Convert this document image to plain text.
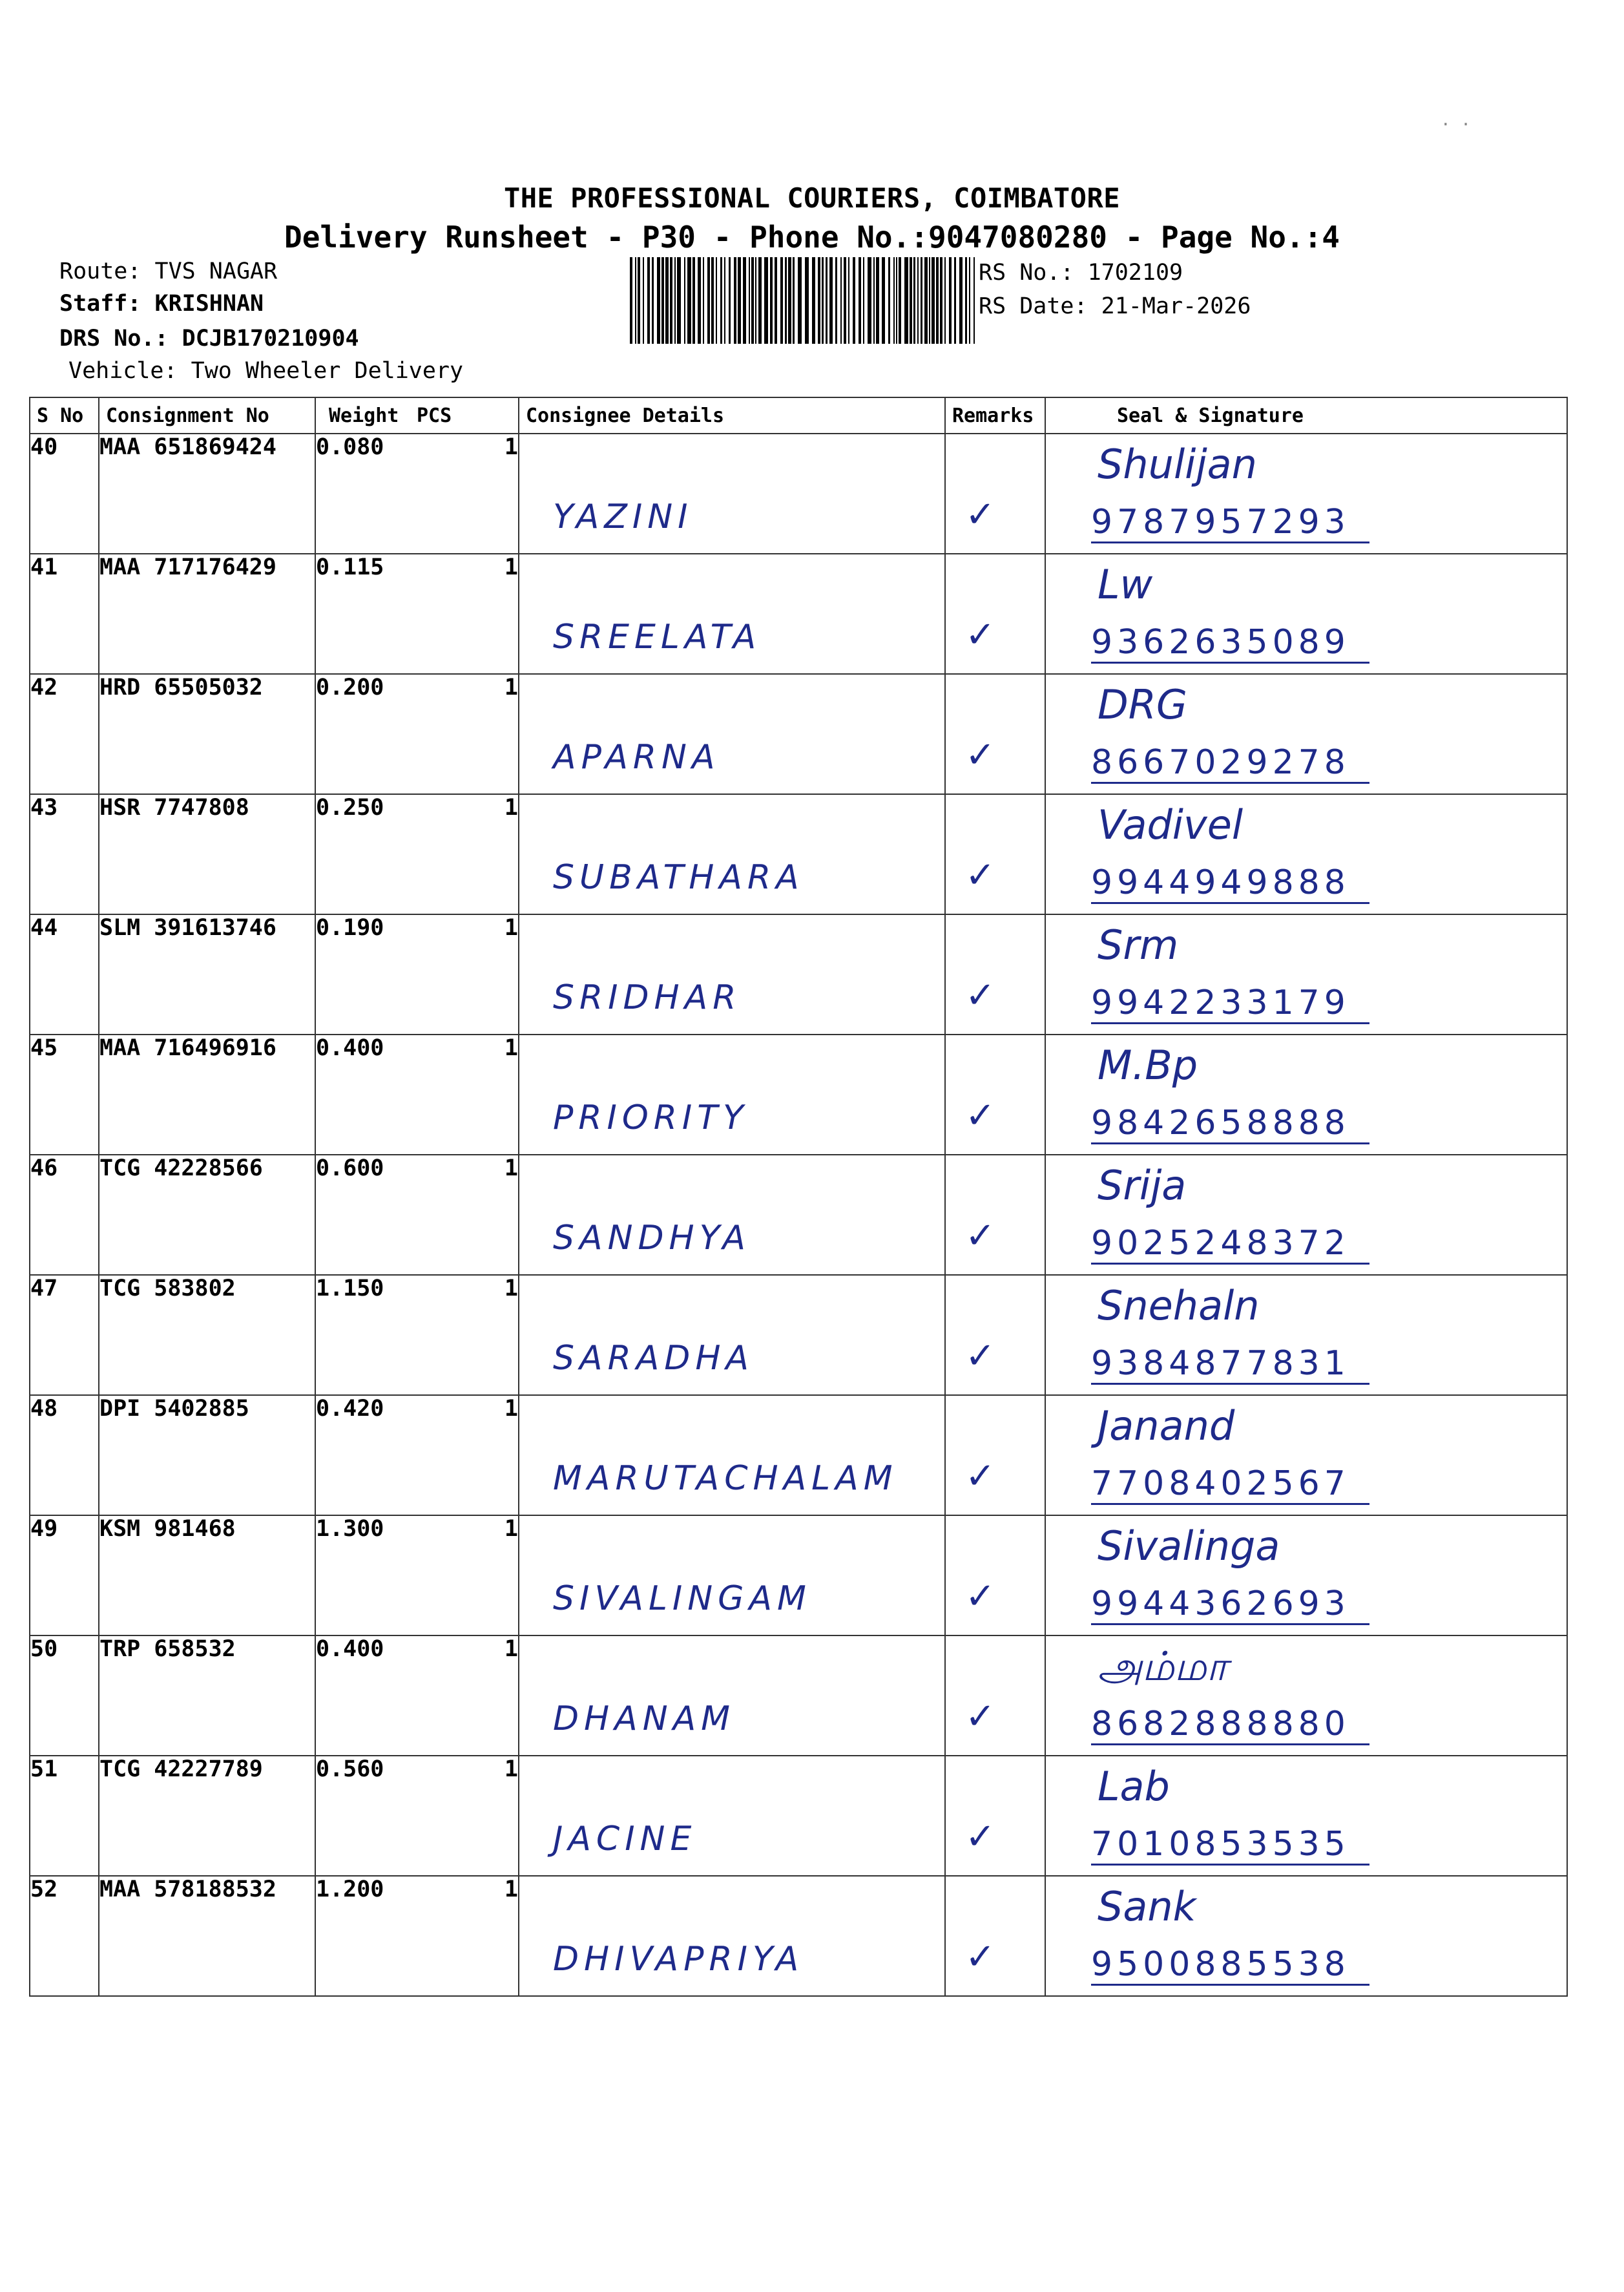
THE PROFESSIONAL COURIERS, COIMBATORE
Delivery Runsheet - P30 - Phone No.:9047080280 - Page No.:4
Route: TVS NAGAR
Staff: KRISHNAN
DRS No.: DCJB170210904
Vehicle: Two Wheeler Delivery
RS No.: 1702109
RS Date: 21-Mar-2026
S No	Consignment No	Weight	PCS	Consignee Details	Remarks	Seal & Signature
40	MAA 651869424	0.080	1	YAZINI	✓	Shulijan
9787957293

41	MAA 717176429	0.115	1	SREELATA	✓	Lw
9362635089

42	HRD 65505032	0.200	1	APARNA	✓	DRG
8667029278

43	HSR 7747808	0.250	1	SUBATHARA	✓	Vadivel
9944949888

44	SLM 391613746	0.190	1	SRIDHAR	✓	Srm
9942233179

45	MAA 716496916	0.400	1	PRIORITY	✓	M.Bp
9842658888

46	TCG 42228566	0.600	1	SANDHYA	✓	Srija
9025248372

47	TCG 583802	1.150	1	SARADHA	✓	Snehaln
9384877831

48	DPI 5402885	0.420	1	MARUTACHALAM	✓	Janand
7708402567

49	KSM 981468	1.300	1	SIVALINGAM	✓	Sivalinga
9944362693

50	TRP 658532	0.400	1	DHANAM	✓	அம்மா
8682888880

51	TCG 42227789	0.560	1	JACINE	✓	Lab
7010853535

52	MAA 578188532	1.200	1	DHIVAPRIYA	✓	Sank
9500885538
· ·
